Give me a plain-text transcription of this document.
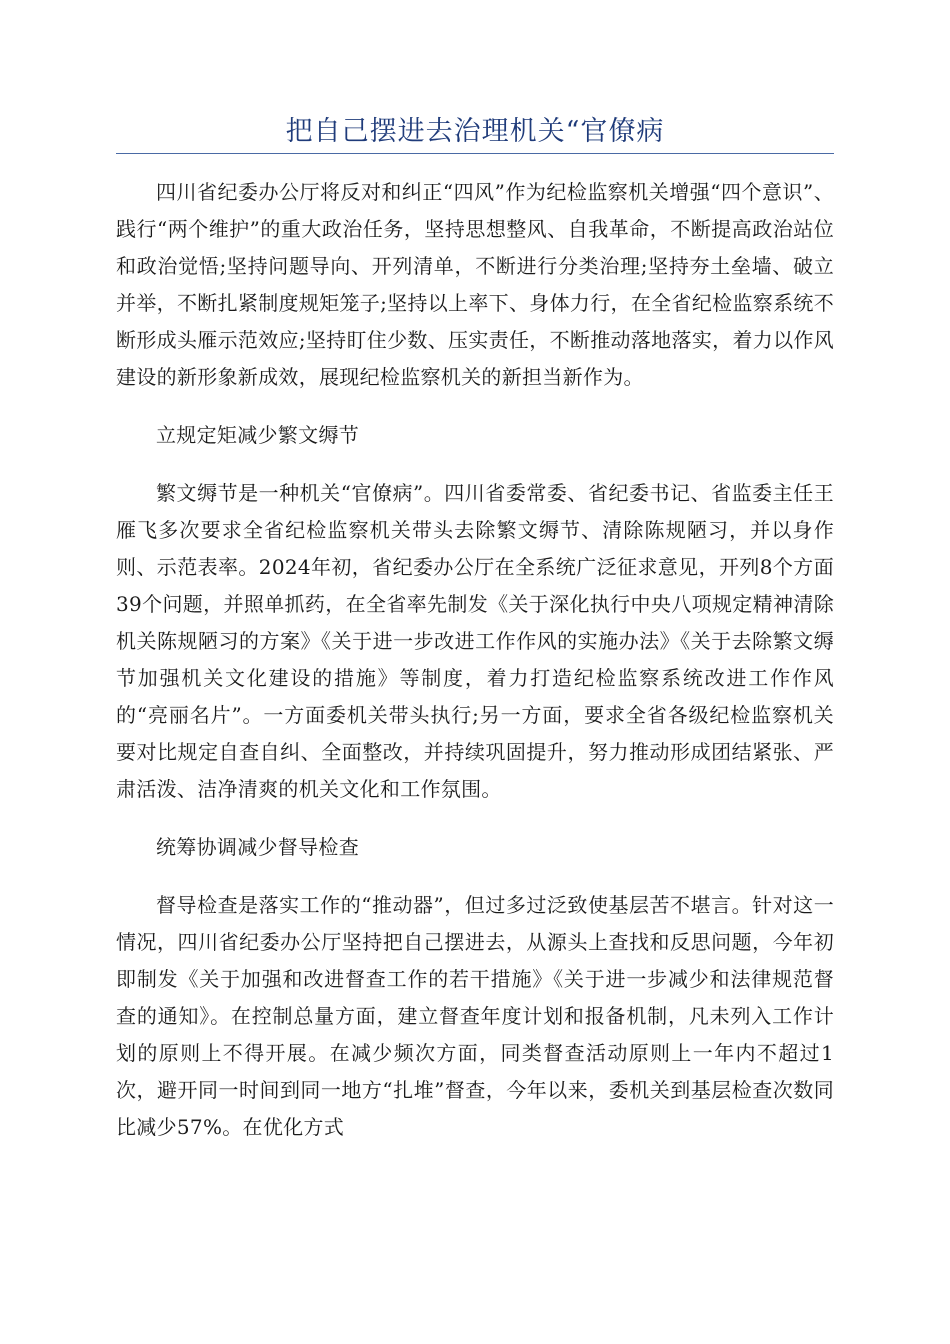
把自己摆进去治理机关“官僚病

四川省纪委办公厅将反对和纠正“四风”作为纪检监察机关增强“四个意识”、践行“两个维护”的重大政治任务，坚持思想整风、自我革命，不断提高政治站位和政治觉悟;坚持问题导向、开列清单，不断进行分类治理;坚持夯土垒墙、破立并举，不断扎紧制度规矩笼子;坚持以上率下、身体力行，在全省纪检监察系统不断形成头雁示范效应;坚持盯住少数、压实责任，不断推动落地落实，着力以作风建设的新形象新成效，展现纪检监察机关的新担当新作为。

立规定矩减少繁文缛节

繁文缛节是一种机关“官僚病”。四川省委常委、省纪委书记、省监委主任王雁飞多次要求全省纪检监察机关带头去除繁文缛节、清除陈规陋习，并以身作则、示范表率。2024年初，省纪委办公厅在全系统广泛征求意见，开列8个方面39个问题，并照单抓药，在全省率先制发《关于深化执行中央八项规定精神清除机关陈规陋习的方案》《关于进一步改进工作作风的实施办法》《关于去除繁文缛节加强机关文化建设的措施》等制度，着力打造纪检监察系统改进工作作风的“亮丽名片”。一方面委机关带头执行;另一方面，要求全省各级纪检监察机关要对比规定自查自纠、全面整改，并持续巩固提升，努力推动形成团结紧张、严肃活泼、洁净清爽的机关文化和工作氛围。

统筹协调减少督导检查

督导检查是落实工作的“推动器”，但过多过泛致使基层苦不堪言。针对这一情况，四川省纪委办公厅坚持把自己摆进去，从源头上查找和反思问题，今年初即制发《关于加强和改进督查工作的若干措施》《关于进一步减少和法律规范督查的通知》。在控制总量方面，建立督查年度计划和报备机制，凡未列入工作计划的原则上不得开展。在减少频次方面，同类督查活动原则上一年内不超过1次，避开同一时间到同一地方“扎堆”督查，今年以来，委机关到基层检查次数同比减少57%。在优化方式
